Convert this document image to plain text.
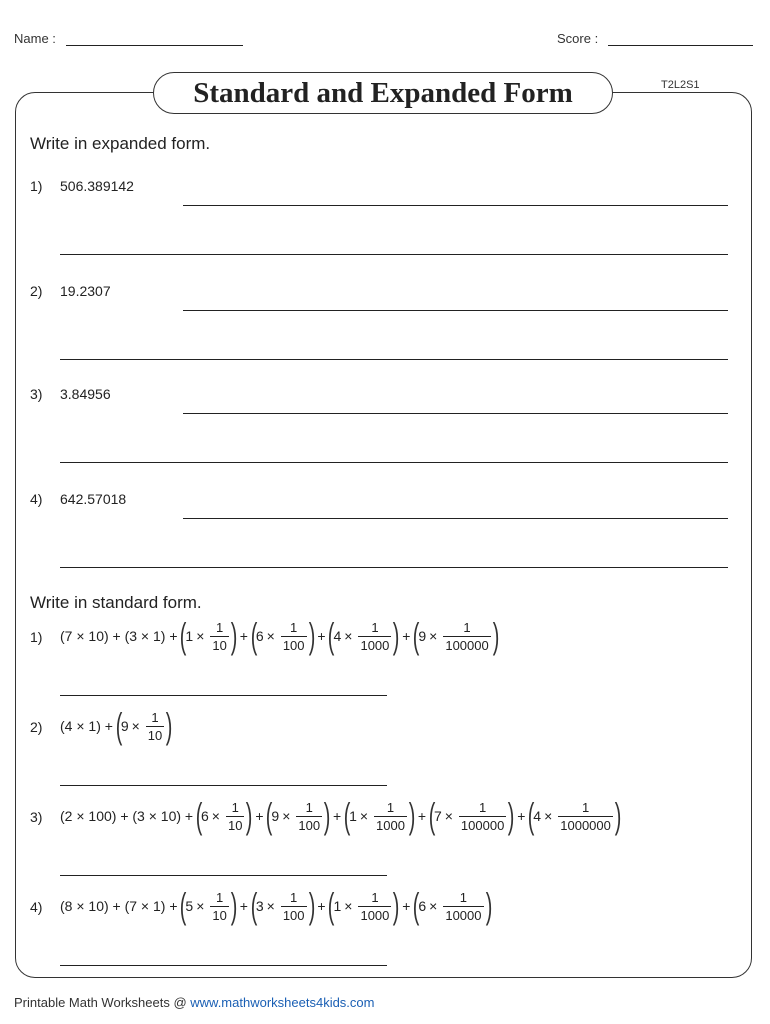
Name :	Score :
Standard and Expanded Form	T2L2S1
Write in expanded form.
1) 506.389142
2) 19.2307
3) 3.84956
4) 642.57018
Write in standard form.
1) (7 × 10) + (3 × 1) +
(
$1 \times \frac{1}{10}$ )
+
(
$6 \times \frac{1}{100}$ )
+
(
$4 \times \frac{1}{1000}$ )
+
(
$9 \times \frac{1}{100000}$ )
2) (4 × 1) +
(
$9 \times \frac{1}{10}$ )
3) (2 × 100) + (3 × 10) +
(
$6 \times \frac{1}{10}$ )
+
(
$9 \times \frac{1}{100}$ )
+
(
$1 \times \frac{1}{1000}$ )
+
(
$7 \times \frac{1}{100000}$ )
+
(
$4 \times \frac{1}{1000000}$ )
4) (8 × 10) + (7 × 1) +
(
$5 \times \frac{1}{10}$ )
+
(
$3 \times \frac{1}{100}$ )
+
(
$1 \times \frac{1}{1000}$ )
+
(
$6 \times \frac{1}{10000}$ )
Printable Math Worksheets @ www.mathworksheets4kids.com
